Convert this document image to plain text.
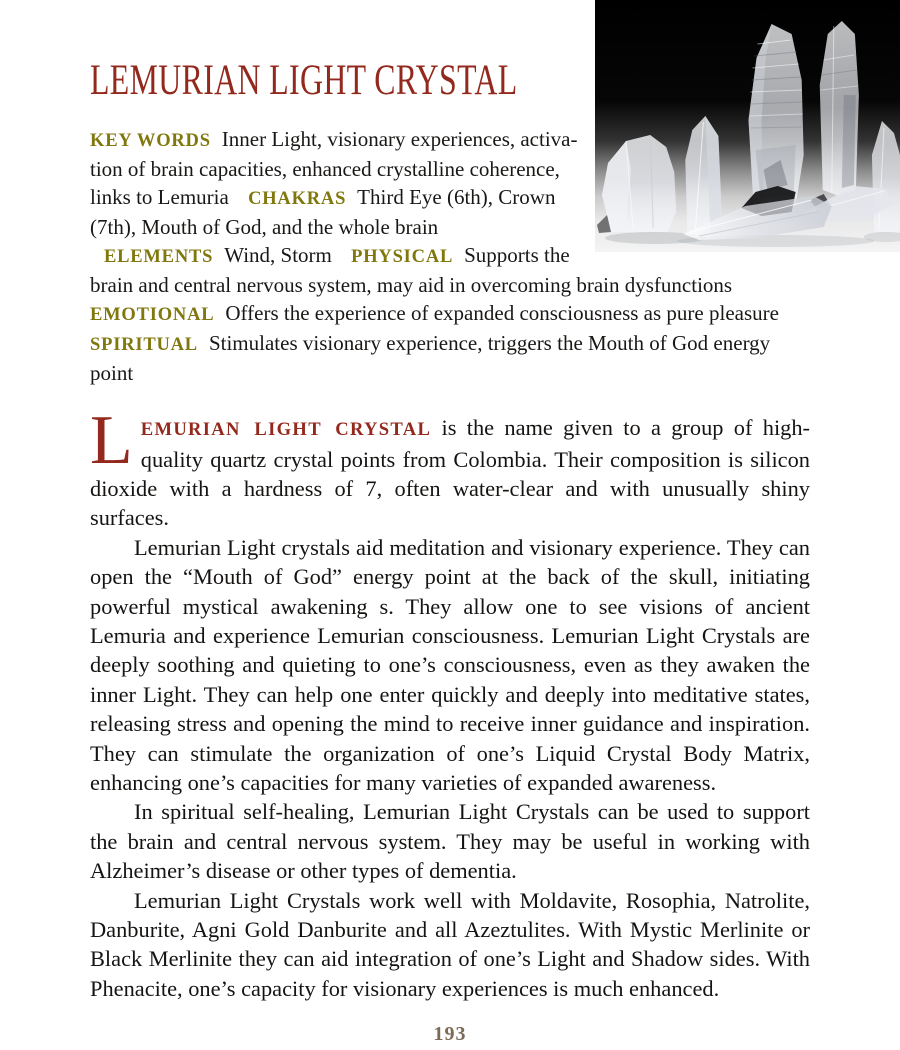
LEMURIAN LIGHT CRYSTAL
KEY WORDS Inner Light, visionary experiences, activation of brain capacities, enhanced crystalline coherence, links to Lemuria CHAKRAS Third Eye (6th), Crown (7th), Mouth of God, and the whole brain ELEMENTS Wind, Storm PHYSICAL Supports the brain and central nervous system, may aid in overcoming brain dysfunctions
EMOTIONAL Offers the experience of expanded consciousness as pure pleasure
SPIRITUAL Stimulates visionary experience, triggers the Mouth of God energy point

LEMURIAN LIGHT CRYSTAL is the name given to a group of high-quality quartz crystal points from Colombia. Their composition is silicon dioxide with a hardness of 7, often water-clear and with unusually shiny surfaces.

Lemurian Light crystals aid meditation and visionary experience. They can open the “Mouth of God” energy point at the back of the skull, initiating powerful mystical awakening s. They allow one to see visions of ancient Lemuria and experience Lemurian consciousness. Lemurian Light Crystals are deeply soothing and quieting to one’s consciousness, even as they awaken the inner Light. They can help one enter quickly and deeply into meditative states, releasing stress and opening the mind to receive inner guidance and inspiration. They can stimulate the organization of one’s Liquid Crystal Body Matrix, enhancing one’s capacities for many varieties of expanded awareness.

In spiritual self-healing, Lemurian Light Crystals can be used to support the brain and central nervous system. They may be useful in working with Alzheimer’s disease or other types of dementia.

Lemurian Light Crystals work well with Moldavite, Rosophia, Natrolite, Danburite, Agni Gold Danburite and all Azeztulites. With Mystic Merlinite or Black Merlinite they can aid integration of one’s Light and Shadow sides. With Phenacite, one’s capacity for visionary experiences is much enhanced.

193
